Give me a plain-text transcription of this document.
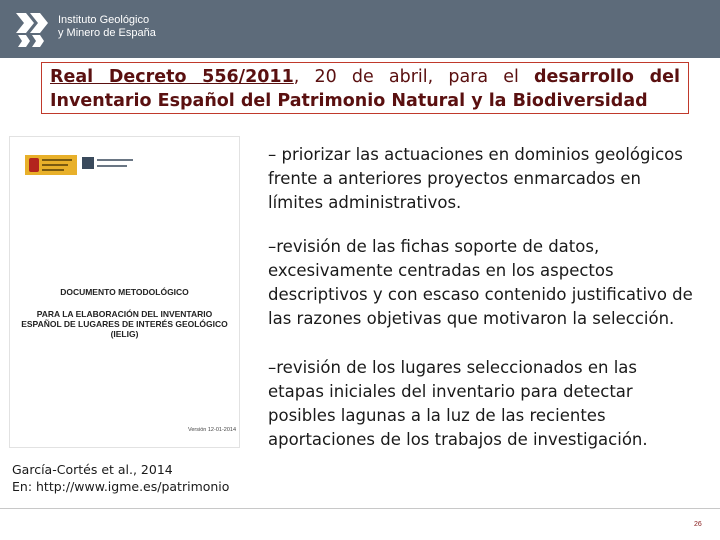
Instituto Geológico
y Minero de España
Real Decreto 556/2011, 20 de abril, para el desarrollo del Inventario Español del Patrimonio Natural y la Biodiversidad
DOCUMENTO METODOLÓGICO
PARA LA ELABORACIÓN DEL INVENTARIO ESPAÑOL DE LUGARES DE INTERÉS GEOLÓGICO (IELIG)
Versión 12-01-2014
García-Cortés et al., 2014
En: http://www.igme.es/patrimonio
– priorizar las actuaciones en dominios geológicos frente a anteriores proyectos enmarcados en límites administrativos.
–revisión de las fichas soporte de datos, excesivamente centradas en los aspectos descriptivos y con escaso contenido justificativo de las razones objetivas que motivaron la selección.
–revisión de los lugares seleccionados en las etapas iniciales del inventario para detectar posibles lagunas a la luz de las recientes aportaciones de los trabajos de investigación.
26
